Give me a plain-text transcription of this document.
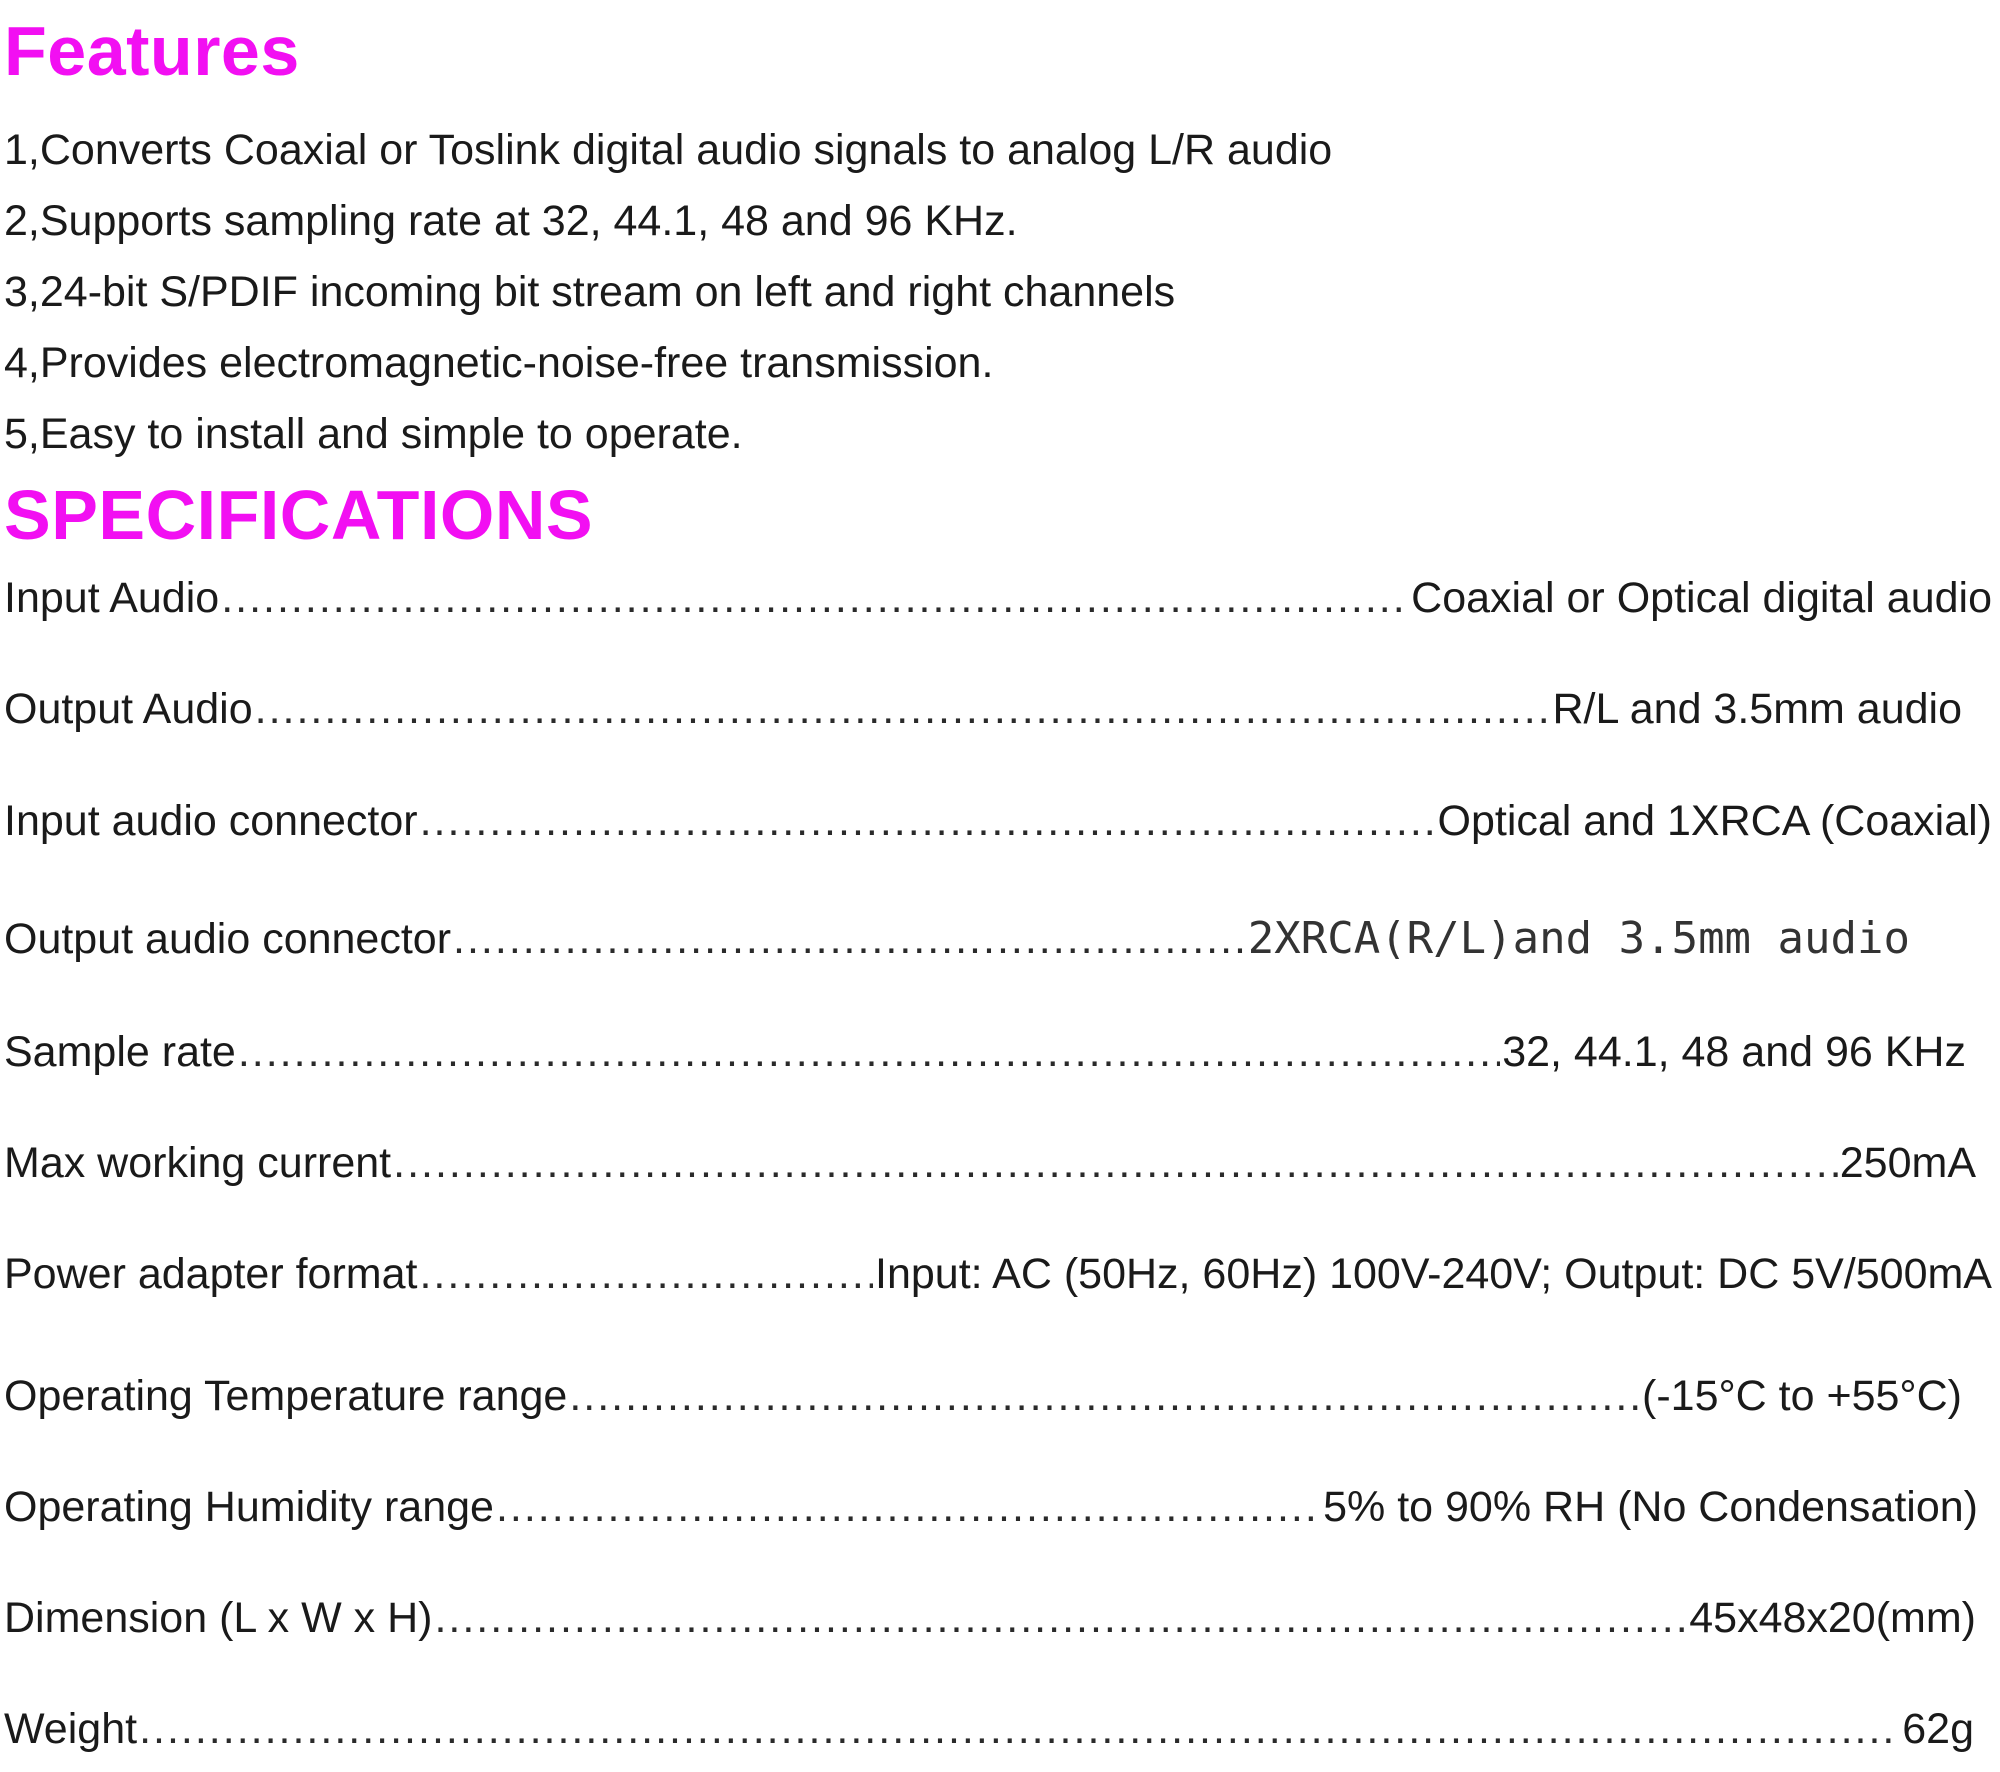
Features
1,Converts Coaxial or Toslink digital audio signals to analog L/R audio
2,Supports sampling rate at 32, 44.1, 48 and 96 KHz.
3,24-bit S/PDIF incoming bit stream on left and right channels
4,Provides electromagnetic-noise-free transmission.
5,Easy to install and simple to operate.
SPECIFICATIONS
Input Audio .....	Coaxial or Optical digital audio
Output Audio .....	R/L and 3.5mm audio
Input audio connector .....	Optical and 1XRCA (Coaxial)
Output audio connector .....	2XRCA(R/L)and 3.5mm audio
Sample rate .....	32, 44.1, 48 and 96 KHz
Max working current .....	250mA
Power adapter format .....	Input: AC (50Hz, 60Hz) 100V-240V; Output: DC 5V/500mA
Operating Temperature range .....	(-15°C to +55°C)
Operating Humidity range .....	5% to 90% RH (No Condensation)
Dimension (L x W x H) .....	45x48x20(mm)
Weight .....	62g
